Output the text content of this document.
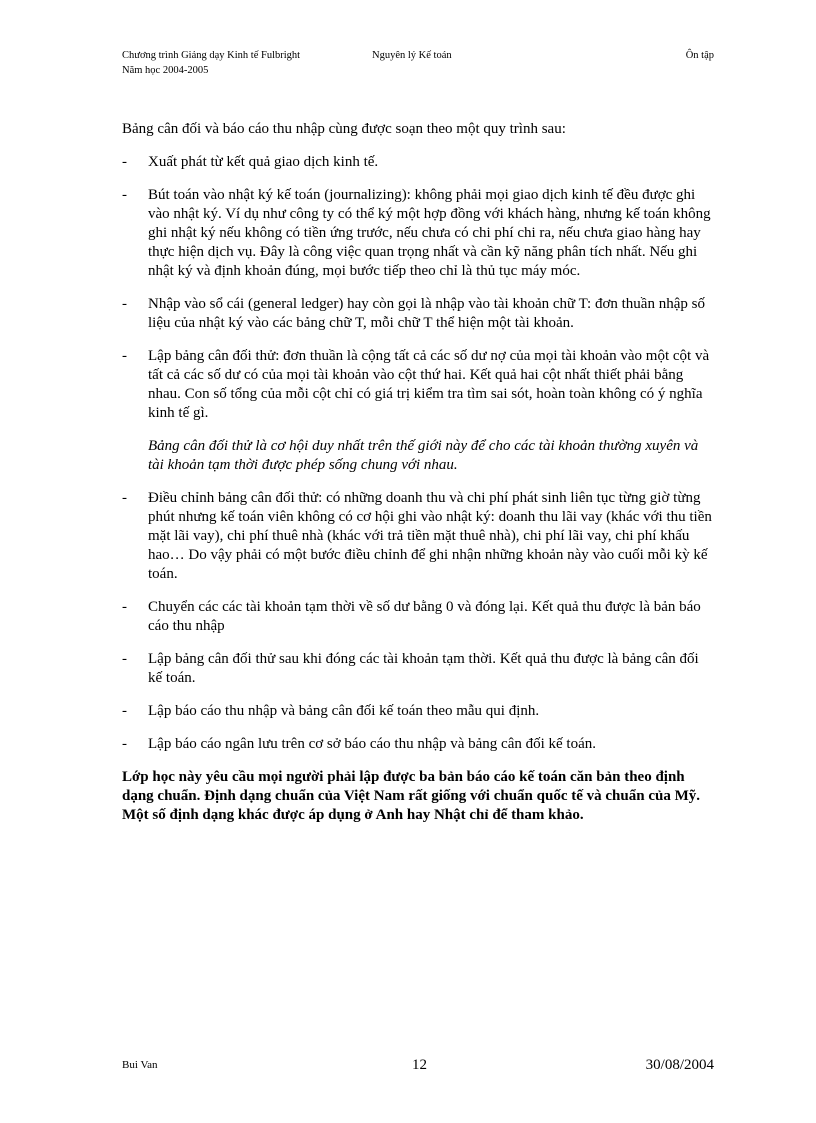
Chương trình Giảng dạy Kinh tế Fulbright
Năm học 2004-2005
Nguyên lý Kế toán	Ôn tập

Bảng cân đối và báo cáo thu nhập cùng được soạn theo một quy trình sau:

- Xuất phát từ kết quả giao dịch kinh tế.
- Bút toán vào nhật ký kế toán (journalizing): không phải mọi giao dịch kinh tế đều được ghi vào nhật ký. Ví dụ như công ty có thể ký một hợp đồng với khách hàng, nhưng kế toán không ghi nhật ký nếu không có tiền ứng trước, nếu chưa có chi phí chi ra, nếu chưa giao hàng hay thực hiện dịch vụ. Đây là công việc quan trọng nhất và cần kỹ năng phân tích nhất. Nếu ghi nhật ký và định khoản đúng, mọi bước tiếp theo chỉ là thủ tục máy móc.
- Nhập vào sổ cái (general ledger) hay còn gọi là nhập vào tài khoản chữ T: đơn thuần nhập số liệu của nhật ký vào các bảng chữ T, mỗi chữ T thể hiện một tài khoản.
- Lập bảng cân đối thử: đơn thuần là cộng tất cả các số dư nợ của mọi tài khoản vào một cột và tất cả các số dư có của mọi tài khoản vào cột thứ hai. Kết quả hai cột nhất thiết phải bằng nhau. Con số tổng của mỗi cột chỉ có giá trị kiểm tra tìm sai sót, hoàn toàn không có ý nghĩa kinh tế gì.

Bảng cân đối thử là cơ hội duy nhất trên thế giới này để cho các tài khoản thường xuyên và tài khoản tạm thời được phép sống chung với nhau.

- Điều chỉnh bảng cân đối thử: có những doanh thu và chi phí phát sinh liên tục từng giờ từng phút nhưng kế toán viên không có cơ hội ghi vào nhật ký: doanh thu lãi vay (khác với thu tiền mặt lãi vay), chi phí thuê nhà (khác với trả tiền mặt thuê nhà), chi phí lãi vay, chi phí khấu hao… Do vậy phải có một bước điều chỉnh để ghi nhận những khoản này vào cuối mỗi kỳ kế toán.
- Chuyển các các tài khoản tạm thời về số dư bằng 0 và đóng lại. Kết quả thu được là bản báo cáo thu nhập
- Lập bảng cân đối thử sau khi đóng các tài khoản tạm thời. Kết quả thu được là bảng cân đối kế toán.
- Lập báo cáo thu nhập và bảng cân đối kế toán theo mẫu qui định.
- Lập báo cáo ngân lưu trên cơ sở báo cáo thu nhập và bảng cân đối kế toán.

Lớp học này yêu cầu mọi người phải lập được ba bản báo cáo kế toán căn bản theo định dạng chuẩn. Định dạng chuẩn của Việt Nam rất giống với chuẩn quốc tế và chuẩn của Mỹ. Một số định dạng khác được áp dụng ở Anh hay Nhật chỉ để tham khảo.

Bui Van	12	30/08/2004
